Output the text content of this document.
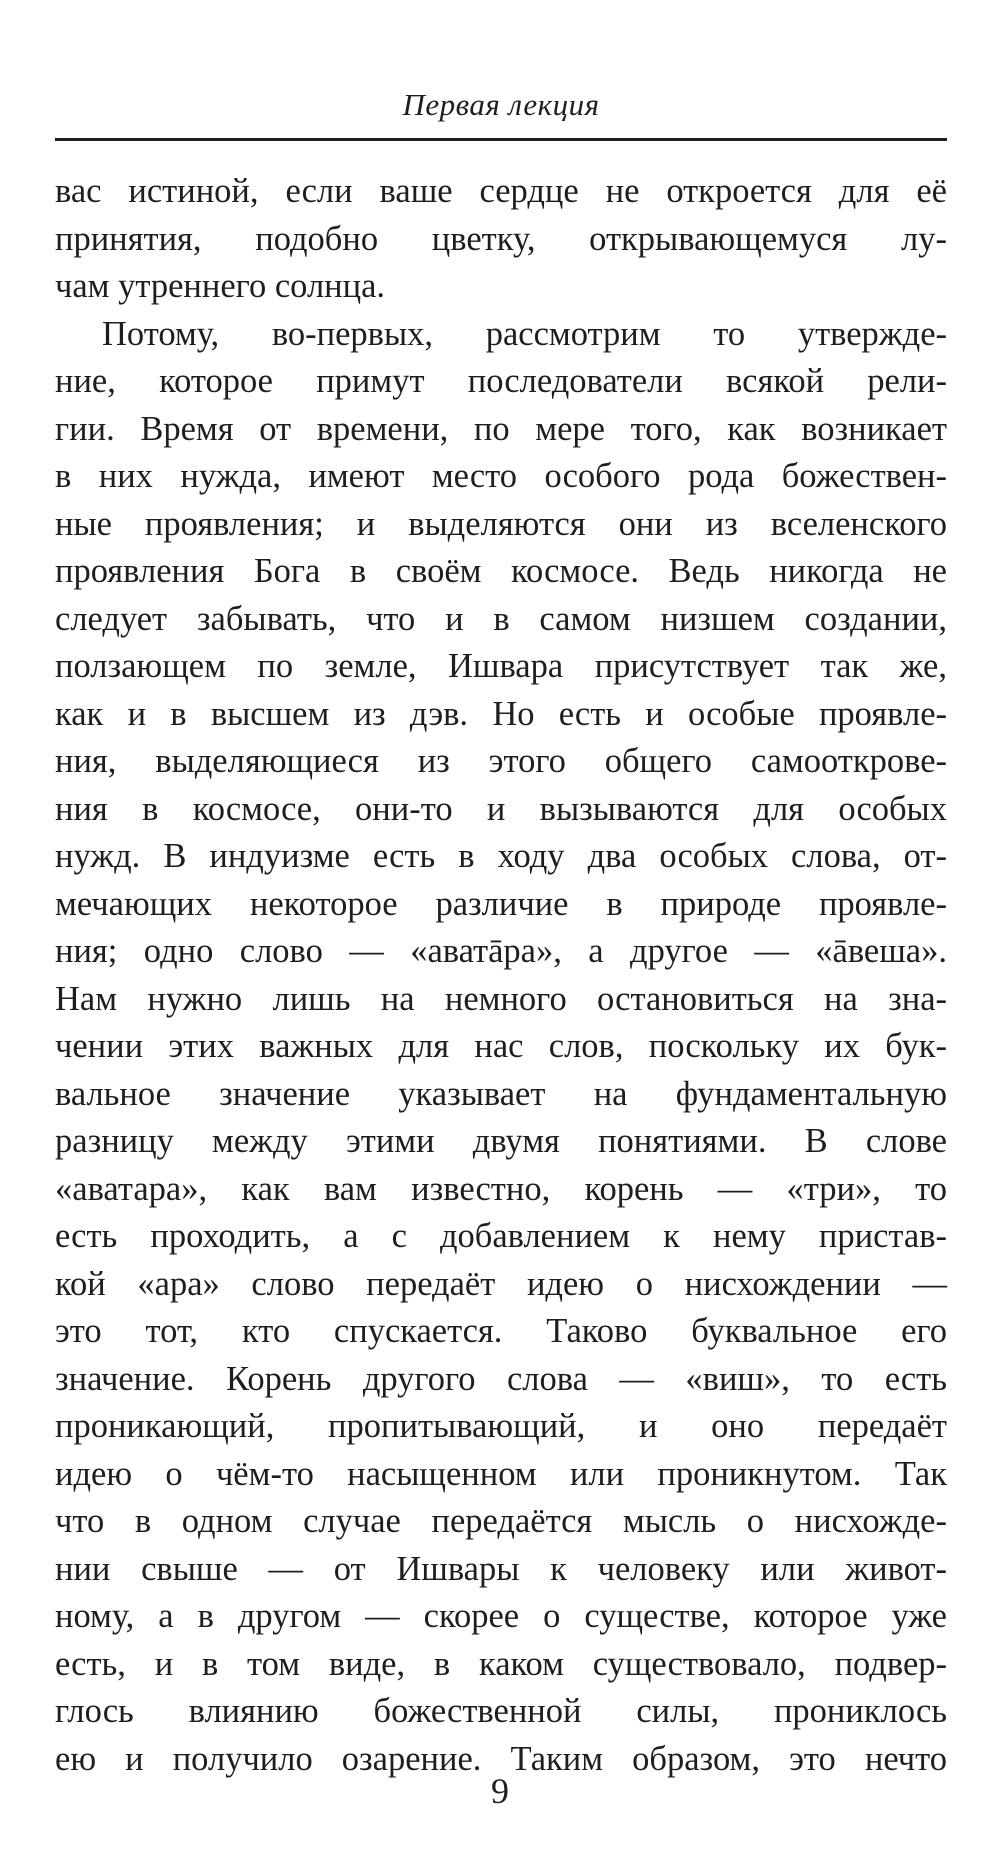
Первая лекция
вас истиной, если ваше сердце не откроется для её
принятия, подобно цветку, открывающемуся лу-
чам утреннего солнца.
Потому, во-первых, рассмотрим то утвержде-
ние, которое примут последователи всякой рели-
гии. Время от времени, по мере того, как возникает
в них нужда, имеют место особого рода божествен-
ные проявления; и выделяются они из вселенского
проявления Бога в своём космосе. Ведь никогда не
следует забывать, что и в самом низшем создании,
ползающем по земле, Ишвара присутствует так же,
как и в высшем из дэв. Но есть и особые проявле-
ния, выделяющиеся из этого общего самооткрове-
ния в космосе, они-то и вызываются для особых
нужд. В индуизме есть в ходу два особых слова, от-
мечающих некоторое различие в природе проявле-
ния; одно слово — «аватāра», а другое — «āвеша».
Нам нужно лишь на немного остановиться на зна-
чении этих важных для нас слов, поскольку их бук-
вальное значение указывает на фундаментальную
разницу между этими двумя понятиями. В слове
«аватара», как вам известно, корень — «три», то
есть проходить, а с добавлением к нему пристав-
кой «ара» слово передаёт идею о нисхождении —
это тот, кто спускается. Таково буквальное его
значение. Корень другого слова — «виш», то есть
проникающий, пропитывающий, и оно передаёт
идею о чём-то насыщенном или проникнутом. Так
что в одном случае передаётся мысль о нисхожде-
нии свыше — от Ишвары к человеку или живот-
ному, а в другом — скорее о существе, которое уже
есть, и в том виде, в каком существовало, подвер-
глось влиянию божественной силы, прониклось
ею и получило озарение. Таким образом, это нечто
9
